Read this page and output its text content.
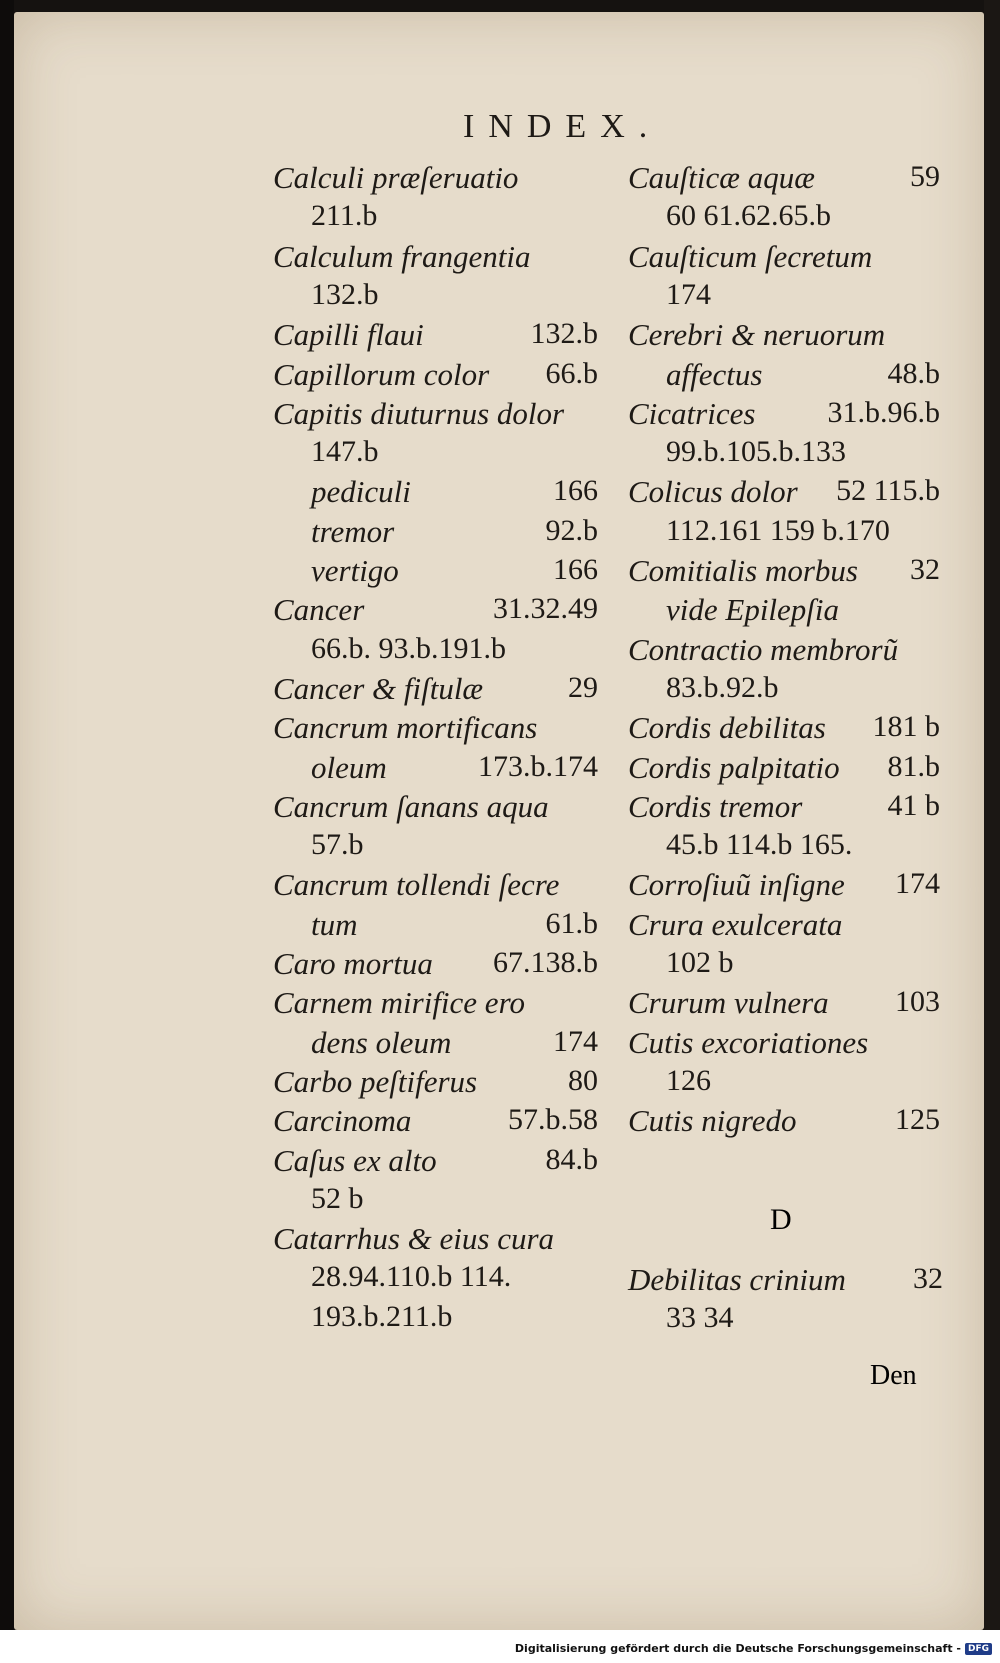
INDEX.
Calculi præſeruatio
211.b
Calculum frangentia
132.b
Capilli flaui	132.b
Capillorum color 66.b
Capitis diuturnus dolor
147.b
pediculi	166
tremor	92.b
vertigo	166
Cancer	31.32.49
66.b. 93.b.191.b
Cancer & fiſtulæ	29
Cancrum mortificans
oleum	173.b.174
Cancrum ſanans aqua
57.b
Cancrum tollendi ſecre
tum	61.b
Caro mortua 67.138.b
Carnem mirifice ero
dens oleum	174
Carbo peſtiferus	80
Carcinoma	57.b.58
Caſus ex alto	84.b
52 b
Catarrhus & eius cura
28.94.110.b 114.
193.b.211.b
Cauſticæ aquæ	59
60 61.62.65.b
Cauſticum ſecretum
174
Cerebri & neruorum
affectus	48.b
Cicatrices 31.b.96.b
99.b.105.b.133
Colicus dolor 52 115.b
112.161 159 b.170
Comitialis morbus 32
vide Epilepſia
Contractio membrorũ
83.b.92.b
Cordis debilitas 181 b
Cordis palpitatio 81.b
Cordis tremor	41 b
45.b 114.b 165.
Corroſiuũ inſigne 174
Crura exulcerata
102 b
Crurum vulnera 103
Cutis excoriationes
126
Cutis nigredo	125
D
Debilitas crinium 32
33 34
Den
Digitalisierung gefördert durch die Deutsche Forschungsgemeinschaft - DFG
